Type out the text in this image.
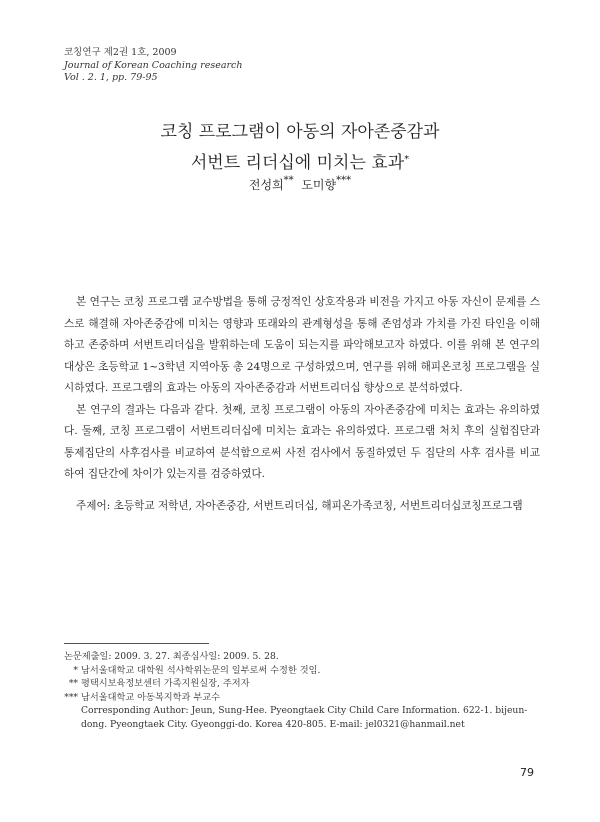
코칭연구 제2권 1호, 2009
Journal of Korean Coaching research
Vol . 2. 1, pp. 79-95
코칭 프로그램이 아동의 자아존중감과
서번트 리더십에 미치는 효과*
전성희** 도미향***

본 연구는 코칭 프로그램 교수방법을 통해 긍정적인 상호작용과 비전을 가지고 아동 자신이 문제를 스스로 해결해 자아존중감에 미치는 영향과 또래와의 관계형성을 통해 존엄성과 가치를 가진 타인을 이해하고 존중하며 서번트리더십을 발휘하는데 도움이 되는지를 파악해보고자 하였다. 이를 위해 본 연구의 대상은 초등학교 1~3학년 지역아동 총 24명으로 구성하였으며, 연구를 위해 해피온코칭 프로그램을 실시하였다. 프로그램의 효과는 아동의 자아존중감과 서번트리더십 향상으로 분석하였다.

본 연구의 결과는 다음과 같다. 첫째, 코칭 프로그램이 아동의 자아존중감에 미치는 효과는 유의하였다. 둘째, 코칭 프로그램이 서번트리더십에 미치는 효과는 유의하였다. 프로그램 처치 후의 실험집단과 통제집단의 사후검사를 비교하여 분석함으로써 사전 검사에서 동질하였던 두 집단의 사후 검사를 비교하여 집단간에 차이가 있는지를 검증하였다.

주제어: 초등학교 저학년, 자아존중감, 서번트리더십, 해피온가족코칭, 서번트리더십코칭프로그램
논문제출일: 2009. 3. 27. 최종심사일: 2009. 5. 28.
* 남서울대학교 대학원 석사학위논문의 일부로써 수정한 것임.
** 평택시보육정보센터 가족지원실장, 주저자
*** 남서울대학교 아동복지학과 부교수
Corresponding Author: Jeun, Sung-Hee. Pyeongtaek City Child Care Information. 622-1. bijeun-dong. Pyeongtaek City. Gyeonggi-do. Korea 420-805. E-mail: jel0321@hanmail.net
79
